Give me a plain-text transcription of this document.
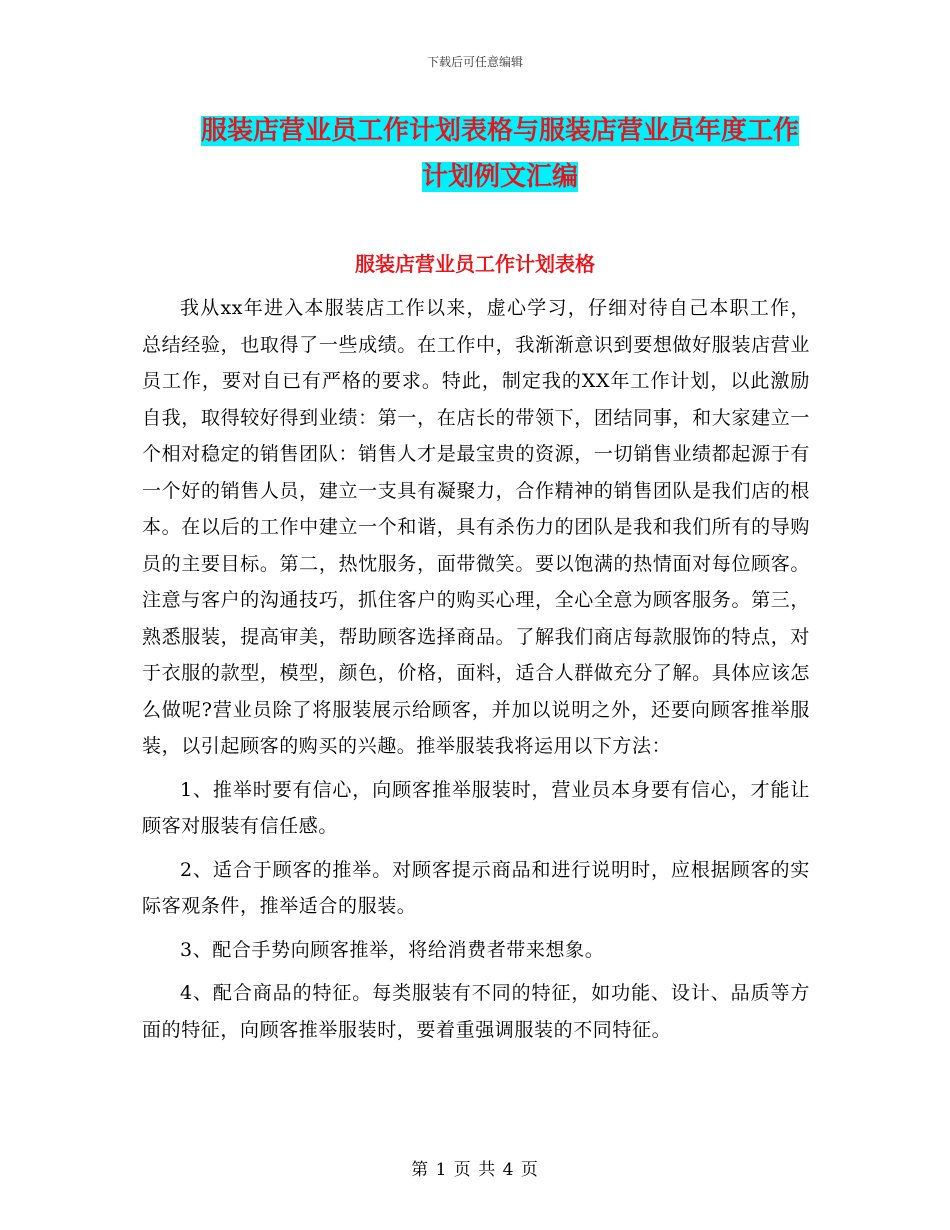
下载后可任意编辑
服装店营业员工作计划表格与服装店营业员年度工作计划例文汇编
服装店营业员工作计划表格

我从xx年进入本服装店工作以来，虚心学习，仔细对待自己本职工作，总结经验，也取得了一些成绩。在工作中，我渐渐意识到要想做好服装店营业员工作，要对自已有严格的要求。特此，制定我的XX年工作计划，以此激励自我，取得较好得到业绩：第一，在店长的带领下，团结同事，和大家建立一个相对稳定的销售团队：销售人才是最宝贵的资源，一切销售业绩都起源于有一个好的销售人员，建立一支具有凝聚力，合作精神的销售团队是我们店的根本。在以后的工作中建立一个和谐，具有杀伤力的团队是我和我们所有的导购员的主要目标。第二，热忱服务，面带微笑。要以饱满的热情面对每位顾客。注意与客户的沟通技巧，抓住客户的购买心理，全心全意为顾客服务。第三，熟悉服装，提高审美，帮助顾客选择商品。了解我们商店每款服饰的特点，对于衣服的款型，模型，颜色，价格，面料，适合人群做充分了解。具体应该怎么做呢?营业员除了将服装展示给顾客，并加以说明之外，还要向顾客推举服装，以引起顾客的购买的兴趣。推举服装我将运用以下方法：

1、推举时要有信心，向顾客推举服装时，营业员本身要有信心，才能让顾客对服装有信任感。

2、适合于顾客的推举。对顾客提示商品和进行说明时，应根据顾客的实际客观条件，推举适合的服装。

3、配合手势向顾客推举，将给消费者带来想象。

4、配合商品的特征。每类服装有不同的特征，如功能、设计、品质等方面的特征，向顾客推举服装时，要着重强调服装的不同特征。

第 1 页 共 4 页
